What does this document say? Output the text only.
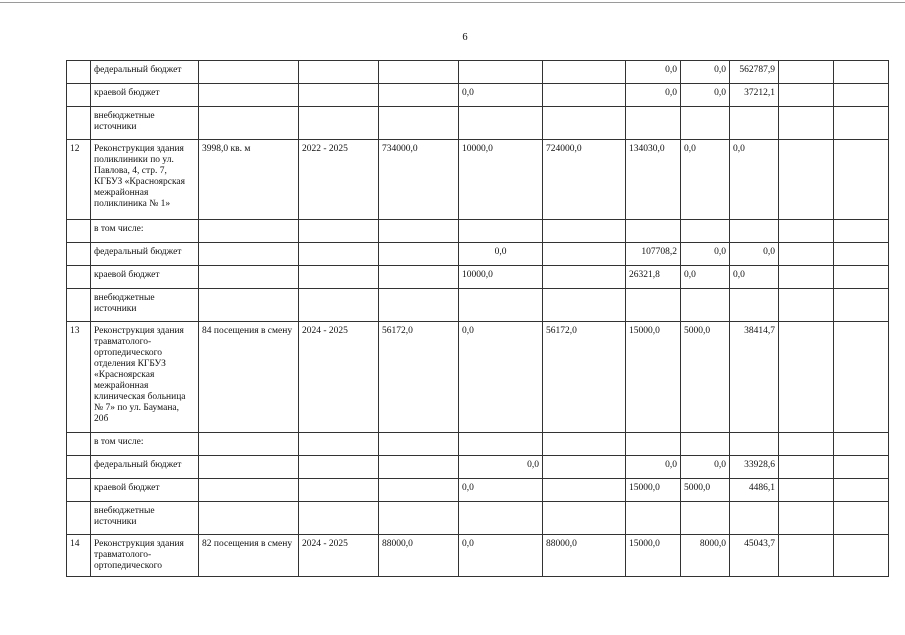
6
	федеральный бюджет						0,0	0,0	562787,9		
	краевой бюджет				0,0		0,0	0,0	37212,1		
	внебюджетные источники										
12	Реконструкция здания поликлиники по ул. Павлова, 4, стр. 7, КГБУЗ «Красноярская межрайонная поликлиника № 1»	3998,0 кв. м	2022 - 2025	734000,0	10000,0	724000,0	134030,0	0,0	0,0		
	в том числе:										
	федеральный бюджет				0,0		107708,2	0,0	0,0		
	краевой бюджет				10000,0		26321,8	0,0	0,0		
	внебюджетные источники										
13	Реконструкция здания травматолого-ортопедического отделения КГБУЗ «Красноярская межрайонная клиническая больница № 7» по ул. Баумана, 20б	84 посещения в смену	2024 - 2025	56172,0	0,0	56172,0	15000,0	5000,0	38414,7		
	в том числе:										
	федеральный бюджет				0,0		0,0	0,0	33928,6		
	краевой бюджет				0,0		15000,0	5000,0	4486,1		
	внебюджетные источники										
14	Реконструкция здания травматолого-ортопедического	82 посещения в смену	2024 - 2025	88000,0	0,0	88000,0	15000,0	8000,0	45043,7		
